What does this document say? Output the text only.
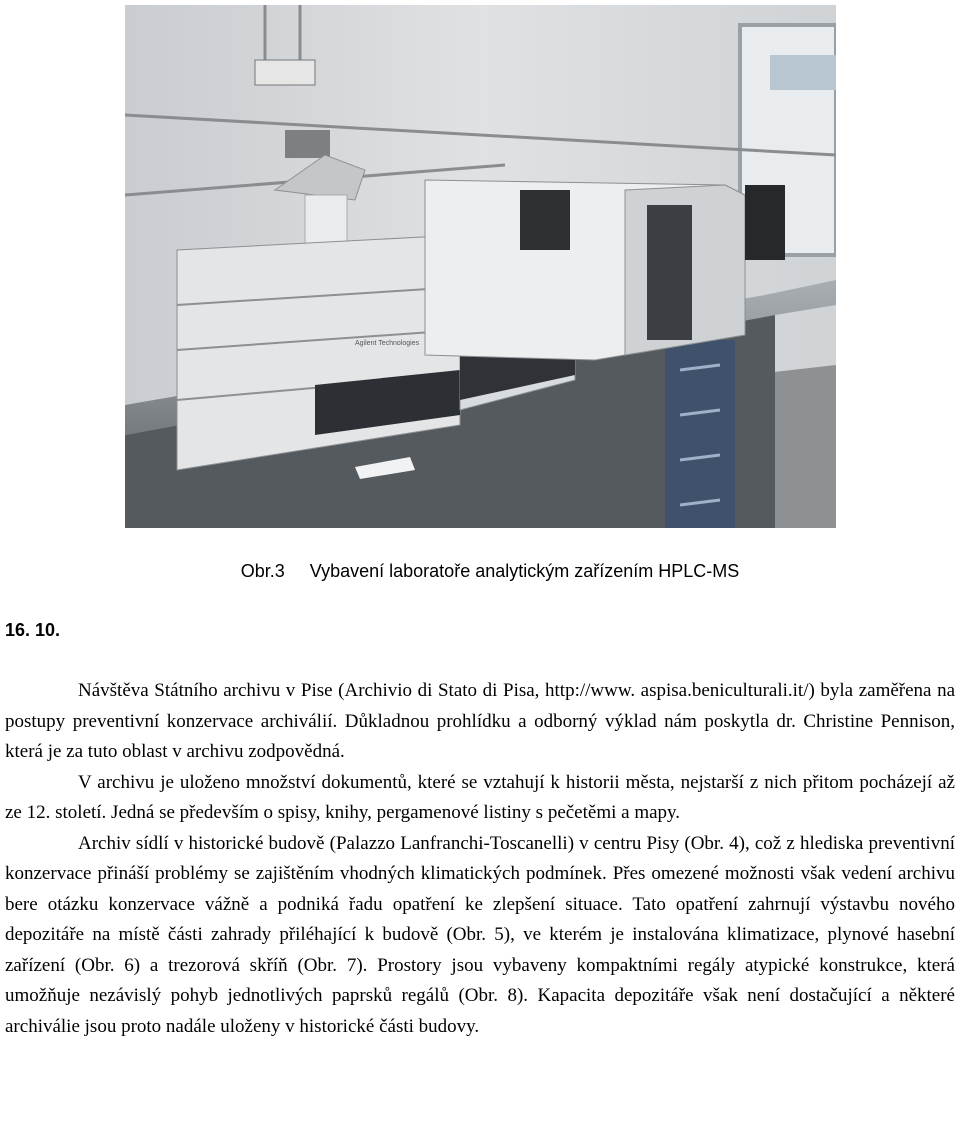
Agilent Technologies
Obr.3 Vybavení laboratoře analytickým zařízením HPLC-MS
16. 10.

Návštěva Státního archivu v Pise (Archivio di Stato di Pisa, http://www. aspisa.beniculturali.it/) byla zaměřena na postupy preventivní konzervace archiválií. Důkladnou prohlídku a odborný výklad nám poskytla dr. Christine Pennison, která je za tuto oblast v archivu zodpovědná.

V archivu je uloženo množství dokumentů, které se vztahují k historii města, nejstarší z nich přitom pocházejí až ze 12. století. Jedná se především o spisy, knihy, pergamenové listiny s pečetěmi a mapy.

Archiv sídlí v historické budově (Palazzo Lanfranchi-Toscanelli) v centru Pisy (Obr. 4), což z hlediska preventivní konzervace přináší problémy se zajištěním vhodných klimatických podmínek. Přes omezené možnosti však vedení archivu bere otázku konzervace vážně a podniká řadu opatření ke zlepšení situace. Tato opatření zahrnují výstavbu nového depozitáře na místě části zahrady přiléhající k budově (Obr. 5), ve kterém je instalována klimatizace, plynové hasební zařízení (Obr. 6) a trezorová skříň (Obr. 7). Prostory jsou vybaveny kompaktními regály atypické konstrukce, která umožňuje nezávislý pohyb jednotlivých paprsků regálů (Obr. 8). Kapacita depozitáře však není dostačující a některé archiválie jsou proto nadále uloženy v historické části budovy.
